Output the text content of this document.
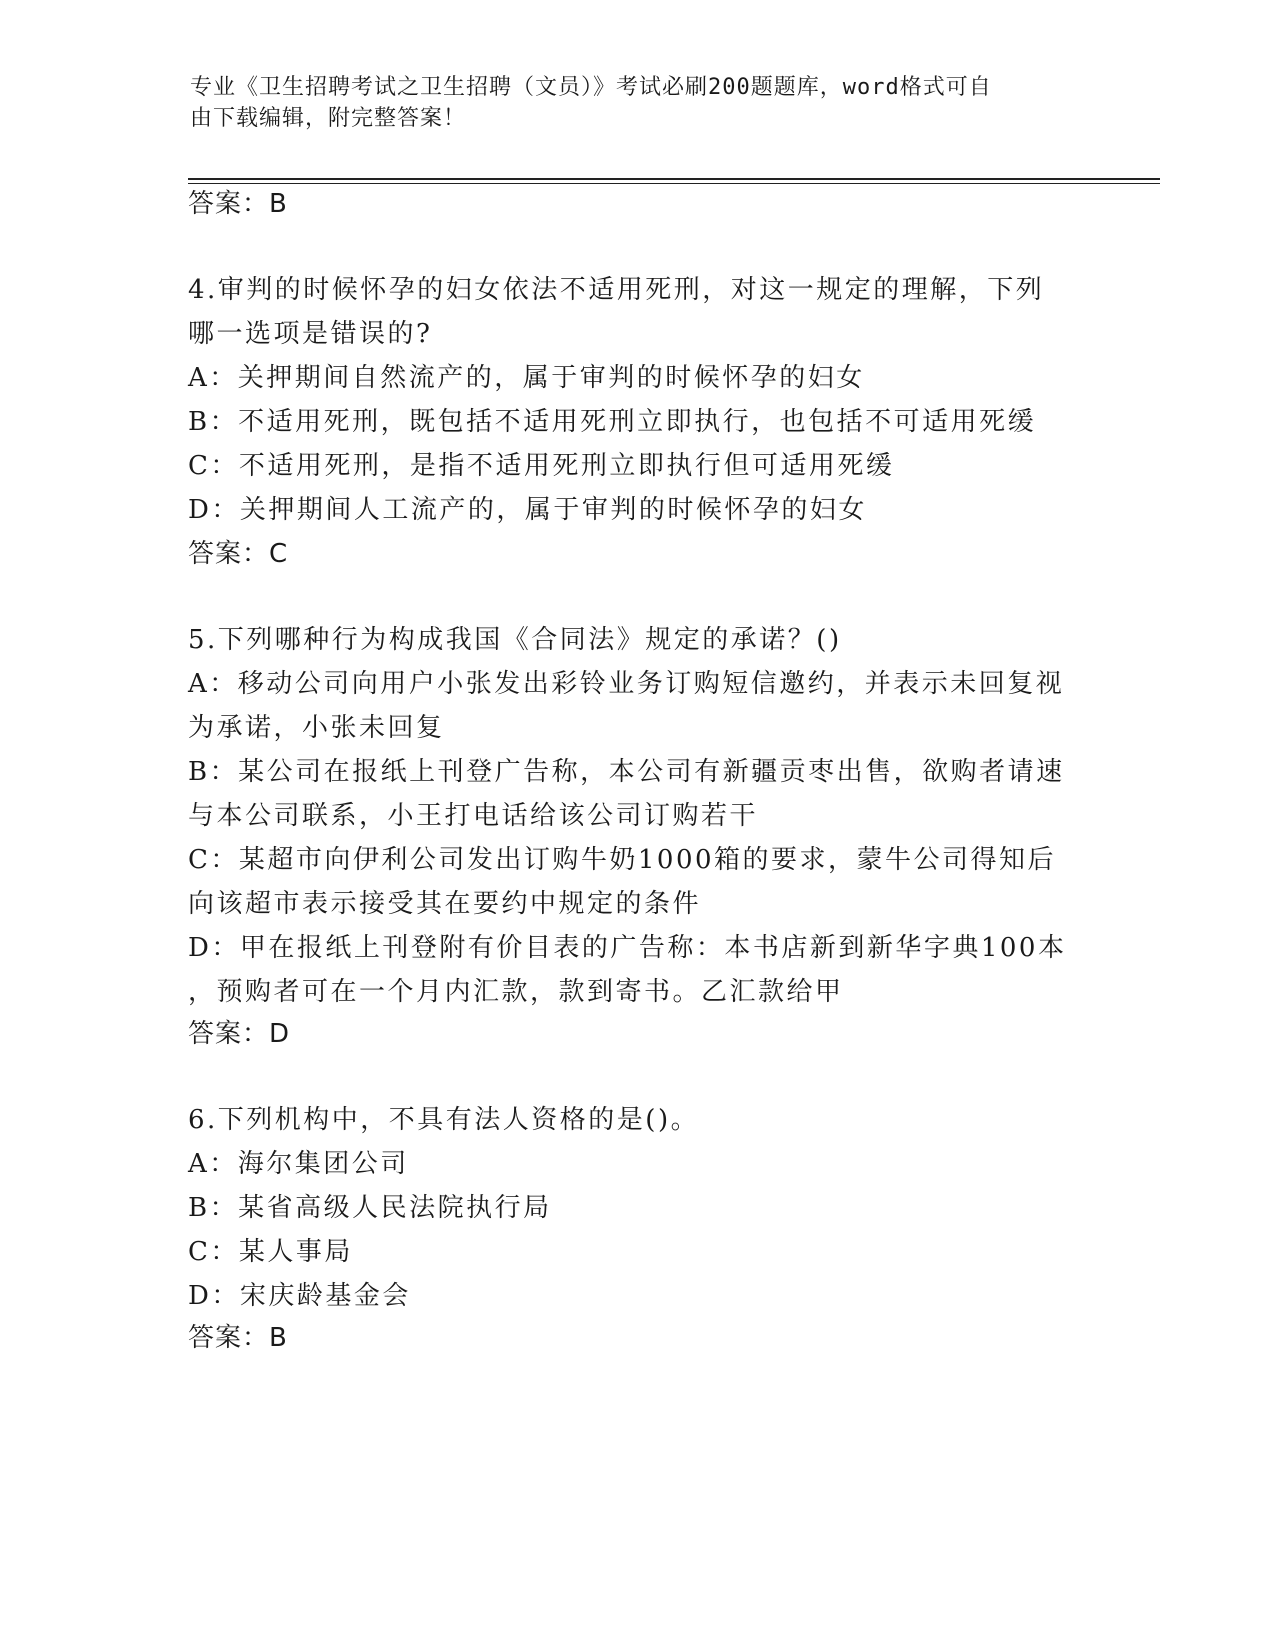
专业《卫生招聘考试之卫生招聘（文员）》考试必刷200题题库，word格式可自
由下载编辑，附完整答案！
答案：B
4.审判的时候怀孕的妇女依法不适用死刑，对这一规定的理解，下列
哪一选项是错误的?
A：关押期间自然流产的，属于审判的时候怀孕的妇女
B：不适用死刑，既包括不适用死刑立即执行，也包括不可适用死缓
C：不适用死刑，是指不适用死刑立即执行但可适用死缓
D：关押期间人工流产的，属于审判的时候怀孕的妇女
答案：C
5.下列哪种行为构成我国《合同法》规定的承诺？()
A：移动公司向用户小张发出彩铃业务订购短信邀约，并表示未回复视
为承诺，小张未回复
B：某公司在报纸上刊登广告称，本公司有新疆贡枣出售，欲购者请速
与本公司联系，小王打电话给该公司订购若干
C：某超市向伊利公司发出订购牛奶1000箱的要求，蒙牛公司得知后
向该超市表示接受其在要约中规定的条件
D：甲在报纸上刊登附有价目表的广告称：本书店新到新华字典100本
，预购者可在一个月内汇款，款到寄书。乙汇款给甲
答案：D
6.下列机构中，不具有法人资格的是()。
A：海尔集团公司
B：某省高级人民法院执行局
C：某人事局
D：宋庆龄基金会
答案：B
